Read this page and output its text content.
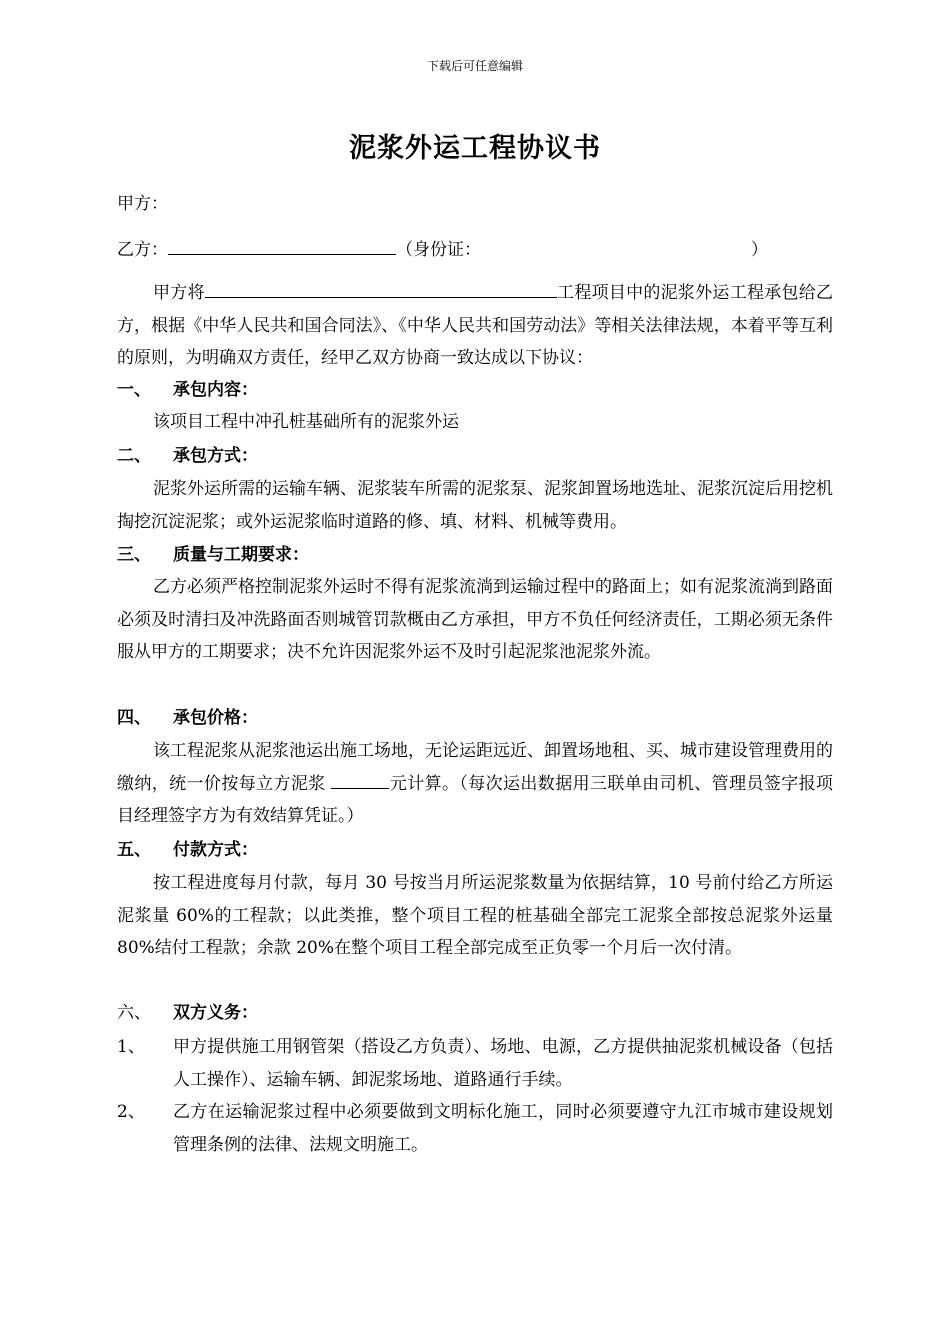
下载后可任意编辑
泥浆外运工程协议书
甲方：
乙方：	（身份证：	）
甲方将	工程项目中的泥浆外运工程承包给乙方，根据《中华人民共和国合同法》、《中华人民共和国劳动法》等相关法律法规，本着平等互利的原则，为明确双方责任，经甲乙双方协商一致达成以下协议：
一、 承包内容：
该项目工程中冲孔桩基础所有的泥浆外运
二、 承包方式：
泥浆外运所需的运输车辆、泥浆装车所需的泥浆泵、泥浆卸置场地选址、泥浆沉淀后用挖机掏挖沉淀泥浆；或外运泥浆临时道路的修、填、材料、机械等费用。
三、 质量与工期要求：
乙方必须严格控制泥浆外运时不得有泥浆流淌到运输过程中的路面上；如有泥浆流淌到路面必须及时清扫及冲洗路面否则城管罚款概由乙方承担，甲方不负任何经济责任，工期必须无条件服从甲方的工期要求；决不允许因泥浆外运不及时引起泥浆池泥浆外流。
四、 承包价格：
该工程泥浆从泥浆池运出施工场地，无论运距远近、卸置场地租、买、城市建设管理费用的缴纳，统一价按每立方泥浆	元计算。（每次运出数据用三联单由司机、管理员签字报项目经理签字方为有效结算凭证。）
五、 付款方式：
按工程进度每月付款，每月 30 号按当月所运泥浆数量为依据结算，10 号前付给乙方所运泥浆量 60%的工程款；以此类推，整个项目工程的桩基础全部完工泥浆全部按总泥浆外运量 80%结付工程款；余款 20%在整个项目工程全部完成至正负零一个月后一次付清。
六、 双方义务：
1、 甲方提供施工用钢管架（搭设乙方负责）、场地、电源，乙方提供抽泥浆机械设备（包括人工操作）、运输车辆、卸泥浆场地、道路通行手续。
2、 乙方在运输泥浆过程中必须要做到文明标化施工，同时必须要遵守九江市城市建设规划管理条例的法律、法规文明施工。
